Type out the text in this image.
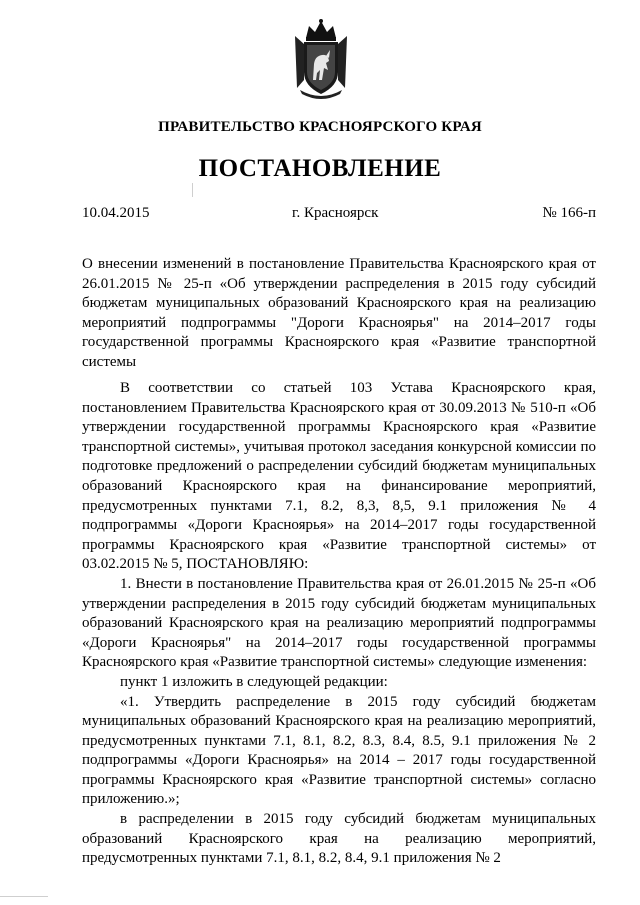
ПРАВИТЕЛЬСТВО КРАСНОЯРСКОГО КРАЯ
ПОСТАНОВЛЕНИЕ
10.04.2015	г. Красноярск	№ 166-п
О внесении изменений в постановление Правительства Красноярского края от 26.01.2015 № 25-п «Об утверждении распределения в 2015 году субсидий бюджетам муниципальных образований Красноярского края на реализацию мероприятий подпрограммы "Дороги Красноярья" на 2014–2017 годы государственной программы Красноярского края «Развитие транспортной системы

В соответствии со статьей 103 Устава Красноярского края, постановлением Правительства Красноярского края от 30.09.2013 № 510-п «Об утверждении государственной программы Красноярского края «Развитие транспортной системы», учитывая протокол заседания конкурсной комиссии по подготовке предложений о распределении субсидий бюджетам муниципальных образований Красноярского края на финансирование мероприятий, предусмотренных пунктами 7.1, 8.2, 8,3, 8,5, 9.1 приложения № 4 подпрограммы «Дороги Красноярья» на 2014–2017 годы государственной программы Красноярского края «Развитие транспортной системы» от 03.02.2015 № 5, ПОСТАНОВЛЯЮ:

1. Внести в постановление Правительства края от 26.01.2015 № 25-п «Об утверждении распределения в 2015 году субсидий бюджетам муниципальных образований Красноярского края на реализацию мероприятий подпрограммы «Дороги Красноярья" на 2014–2017 годы государственной программы Красноярского края «Развитие транспортной системы» следующие изменения:

пункт 1 изложить в следующей редакции:

«1. Утвердить распределение в 2015 году субсидий бюджетам муниципальных образований Красноярского края на реализацию мероприятий, предусмотренных пунктами 7.1, 8.1, 8.2, 8.3, 8.4, 8.5, 9.1 приложения № 2 подпрограммы «Дороги Красноярья» на 2014 – 2017 годы государственной программы Красноярского края «Развитие транспортной системы» согласно приложению.»;

в распределении в 2015 году субсидий бюджетам муниципальных образований Красноярского края на реализацию мероприятий, предусмотренных пунктами 7.1, 8.1, 8.2, 8.4, 9.1 приложения № 2
